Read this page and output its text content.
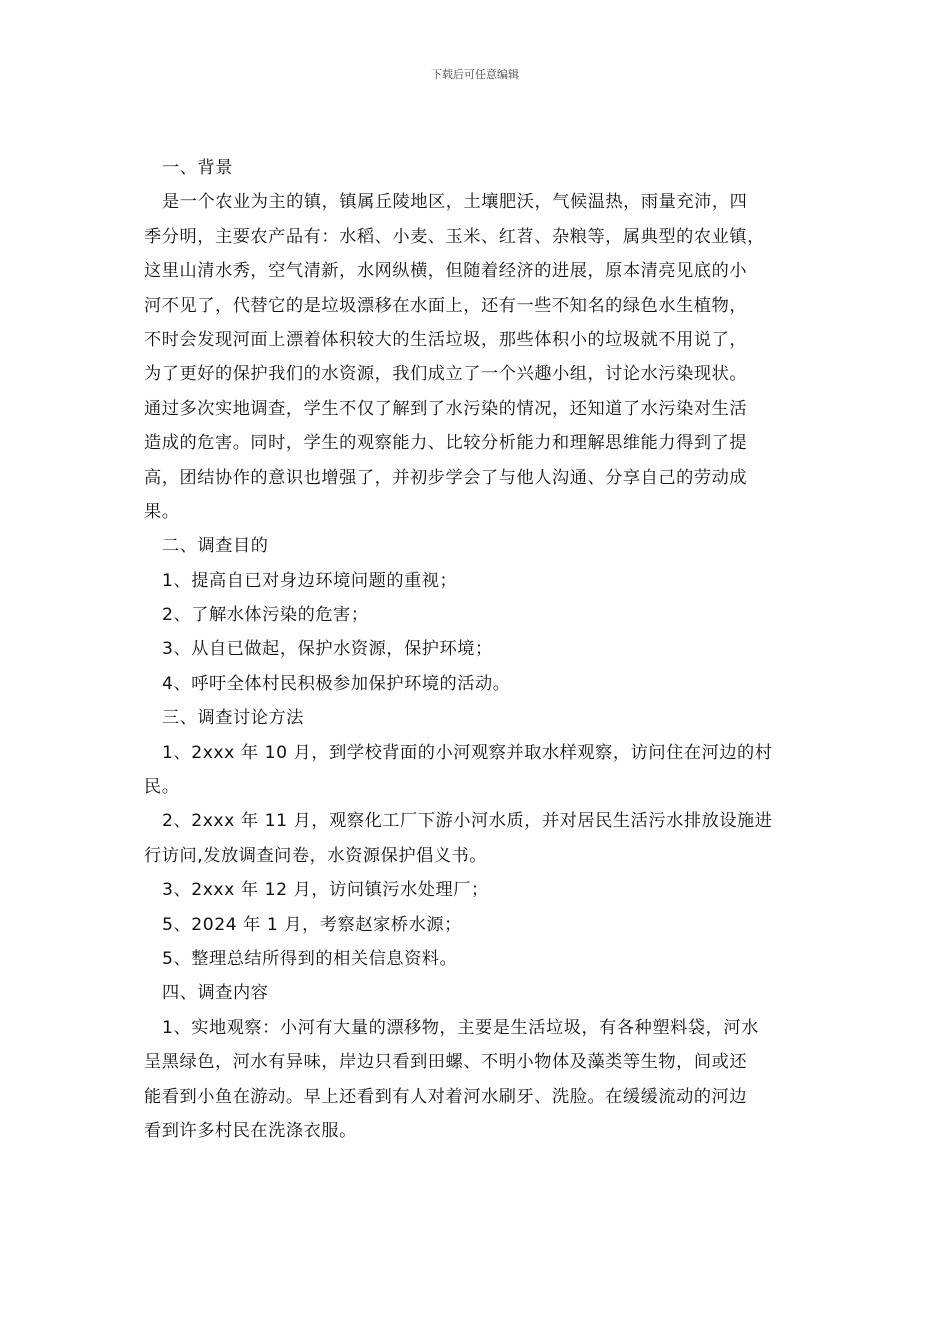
下载后可任意编辑
一、背景
是一个农业为主的镇，镇属丘陵地区，土壤肥沃，气候温热，雨量充沛，四
季分明，主要农产品有：水稻、小麦、玉米、红苕、杂粮等，属典型的农业镇，
这里山清水秀，空气清新，水网纵横，但随着经济的进展，原本清亮见底的小
河不见了，代替它的是垃圾漂移在水面上，还有一些不知名的绿色水生植物，
不时会发现河面上漂着体积较大的生活垃圾，那些体积小的垃圾就不用说了，
为了更好的保护我们的水资源，我们成立了一个兴趣小组，讨论水污染现状。
通过多次实地调查，学生不仅了解到了水污染的情况，还知道了水污染对生活
造成的危害。同时，学生的观察能力、比较分析能力和理解思维能力得到了提
高，团结协作的意识也增强了，并初步学会了与他人沟通、分享自己的劳动成
果。
二、调查目的
1、提高自已对身边环境问题的重视；
2、了解水体污染的危害；
3、从自已做起，保护水资源，保护环境；
4、呼吁全体村民积极参加保护环境的活动。
三、调查讨论方法
1、2xxx 年 10 月，到学校背面的小河观察并取水样观察，访问住在河边的村
民。
2、2xxx 年 11 月，观察化工厂下游小河水质，并对居民生活污水排放设施进
行访问,发放调查问卷，水资源保护倡义书。
3、2xxx 年 12 月，访问镇污水处理厂；
5、2024 年 1 月，考察赵家桥水源；
5、整理总结所得到的相关信息资料。
四、调查内容
1、实地观察：小河有大量的漂移物，主要是生活垃圾，有各种塑料袋，河水
呈黑绿色，河水有异味，岸边只看到田螺、不明小物体及藻类等生物，间或还
能看到小鱼在游动。早上还看到有人对着河水刷牙、洗脸。在缓缓流动的河边
看到许多村民在洗涤衣服。
